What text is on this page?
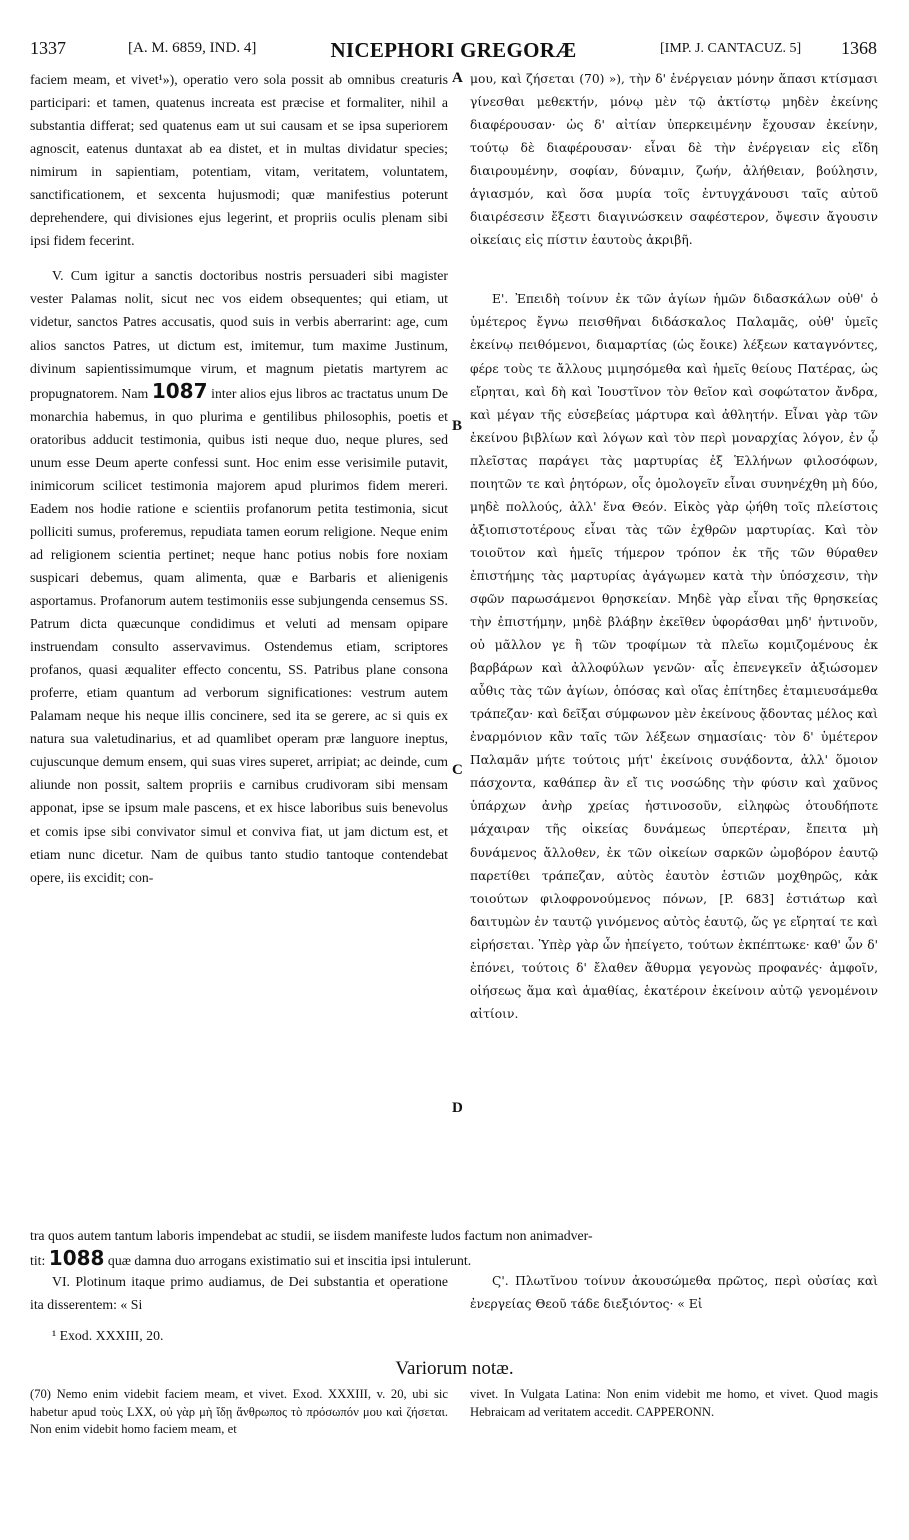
1337	[A. M. 6859, IND. 4]	NICEPHORI GREGORÆ	[IMP. J. CANTACUZ. 5] 1368

faciem meam, et vivet¹»), operatio vero sola possit ab omnibus creaturis participari: et tamen, quatenus increata est præcise et formaliter, nihil a substantia differat; sed quatenus eam ut sui causam et se ipsa superiorem agnoscit, eatenus duntaxat ab ea distet, et in multas dividatur species; nimirum in sapientiam, potentiam, vitam, veritatem, voluntatem, sanctificationem, et sexcenta hujusmodi; quæ manifestius poterunt deprehendere, qui divisiones ejus legerint, et propriis oculis plenam sibi ipsi fidem fecerint.

V. Cum igitur a sanctis doctoribus nostris persuaderi sibi magister vester Palamas nolit, sicut nec vos eidem obsequentes; qui etiam, ut videtur, sanctos Patres accusatis, quod suis in verbis aberrarint: age, cum alios sanctos Patres, ut dictum est, imitemur, tum maxime Justinum, divinum sapientissimumque virum, et magnum pietatis martyrem ac propugnatorem. Nam 1087 inter alios ejus libros ac tractatus unum De monarchia habemus, in quo plurima e gentilibus philosophis, poetis et oratoribus adducit testimonia, quibus isti neque duo, neque plures, sed unum esse Deum aperte confessi sunt. Hoc enim esse verisimile putavit, inimicorum scilicet testimonia majorem apud plurimos fidem mereri. Eadem nos hodie ratione e scientiis profanorum petita testimonia, sicut polliciti sumus, proferemus, repudiata tamen eorum religione. Neque enim ad religionem scientia pertinet; neque hanc potius nobis fore noxiam suspicari debemus, quam alimenta, quæ e Barbaris et alienigenis asportamus. Profanorum autem testimoniis esse subjungenda censemus SS. Patrum dicta quæcunque condidimus et veluti ad mensam opipare instruendam consulto asservavimus. Ostendemus etiam, scriptores profanos, quasi æqualiter effecto concentu, SS. Patribus plane consona proferre, etiam quantum ad verborum significationes: vestrum autem Palamam neque his neque illis concinere, sed ita se gerere, ac si quis ex natura sua valetudinarius, et ad quamlibet operam præ languore ineptus, cujuscunque demum ensem, qui suas vires superet, arripiat; ac deinde, cum aliunde non possit, saltem propriis e carnibus crudivoram sibi mensam apponat, ipse se ipsum male pascens, et ex hisce laboribus suis benevolus et comis ipse sibi convivator simul et conviva fiat, ut jam dictum est, et etiam nunc dicetur. Nam de quibus tanto studio tantoque contendebat opere, iis excidit; con-

μου, καὶ ζήσεται (70) »), τὴν δ' ἐνέργειαν μόνην ἅπασι κτίσμασι γίνεσθαι μεθεκτήν, μόνῳ μὲν τῷ ἀκτίστῳ μηδὲν ἐκείνης διαφέρουσαν· ὡς δ' αἰτίαν ὑπερκειμένην ἔχουσαν ἐκείνην, τούτῳ δὲ διαφέρουσαν· εἶναι δὲ τὴν ἐνέργειαν εἰς εἴδη διαιρουμένην, σοφίαν, δύναμιν, ζωήν, ἀλήθειαν, βούλησιν, ἁγιασμόν, καὶ ὅσα μυρία τοῖς ἐντυγχάνουσι ταῖς αὐτοῦ διαιρέσεσιν ἔξεστι διαγινώσκειν σαφέστερον, ὄψεσιν ἄγουσιν οἰκείαις εἰς πίστιν ἑαυτοὺς ἀκριβῆ.

Ε'. Ἐπειδὴ τοίνυν ἐκ τῶν ἁγίων ἡμῶν διδασκάλων οὐθ' ὁ ὑμέτερος ἔγνω πεισθῆναι διδάσκαλος Παλαμᾶς, οὐθ' ὑμεῖς ἐκείνῳ πειθόμενοι, διαμαρτίας (ὡς ἔοικε) λέξεων καταγνόντες, φέρε τοὺς τε ἄλλους μιμησόμεθα καὶ ἡμεῖς θείους Πατέρας, ὡς εἴρηται, καὶ δὴ καὶ Ἰουστῖνον τὸν θεῖον καὶ σοφώτατον ἄνδρα, καὶ μέγαν τῆς εὐσεβείας μάρτυρα καὶ ἀθλητήν. Εἶναι γὰρ τῶν ἐκείνου βιβλίων καὶ λόγων καὶ τὸν περὶ μοναρχίας λόγον, ἐν ᾧ πλεῖστας παράγει τὰς μαρτυρίας ἐξ Ἑλλήνων φιλοσόφων, ποιητῶν τε καὶ ῥητόρων, οἷς ὁμολογεῖν εἶναι συνηνέχθη μὴ δύο, μηδὲ πολλούς, ἀλλ' ἕνα Θεόν. Εἰκὸς γὰρ ᾠήθη τοῖς πλείστοις ἀξιοπιστοτέρους εἶναι τὰς τῶν ἐχθρῶν μαρτυρίας. Καὶ τὸν τοιοῦτον καὶ ἡμεῖς τήμερον τρόπον ἐκ τῆς τῶν θύραθεν ἐπιστήμης τὰς μαρτυρίας ἀγάγωμεν κατὰ τὴν ὑπόσχεσιν, τὴν σφῶν παρωσάμενοι θρησκείαν. Μηδὲ γὰρ εἶναι τῆς θρησκείας τὴν ἐπιστήμην, μηδὲ βλάβην ἐκεῖθεν ὑφοράσθαι μηδ' ἡντινοῦν, οὐ μᾶλλον γε ἢ τῶν τροφίμων τὰ πλεῖω κομιζομένους ἐκ βαρβάρων καὶ ἀλλοφύλων γενῶν· αἷς ἐπενεγκεῖν ἀξιώσομεν αὖθις τὰς τῶν ἁγίων, ὁπόσας καὶ οἵας ἐπίτηδες ἐταμιευσάμεθα τράπεζαν· καὶ δεῖξαι σύμφωνον μὲν ἐκείνους ᾄδοντας μέλος καὶ ἐναρμόνιον κἂν ταῖς τῶν λέξεων σημασίαις· τὸν δ' ὑμέτερον Παλαμᾶν μήτε τούτοις μήτ' ἐκείνοις συνᾴδοντα, ἀλλ' ὅμοιον πάσχοντα, καθάπερ ἂν εἴ τις νοσώδης τὴν φύσιν καὶ χαῦνος ὑπάρχων ἀνὴρ χρείας ἡστινοσοῦν, εἰληφὼς ὁτουδήποτε μάχαιραν τῆς οἰκείας δυνάμεως ὑπερτέραν, ἔπειτα μὴ δυνάμενος ἄλλοθεν, ἐκ τῶν οἰκείων σαρκῶν ὠμοβόρον ἑαυτῷ παρετίθει τράπεζαν, αὐτὸς ἑαυτὸν ἑστιῶν μοχθηρῶς, κἀκ τοιούτων φιλοφρονούμενος πόνων, [P. 683] ἑστιάτωρ καὶ δαιτυμὼν ἐν ταυτῷ γινόμενος αὐτὸς ἑαυτῷ, ὥς γε εἴρηταί τε καὶ εἰρήσεται. Ὑπὲρ γὰρ ὧν ἠπείγετο, τούτων ἐκπέπτωκε· καθ' ὧν δ' ἐπόνει, τούτοις δ' ἔλαθεν ἄθυρμα γεγονὼς προφανές· ἀμφοῖν, οἰήσεως ἅμα καὶ ἀμαθίας, ἑκατέροιν ἐκείνοιν αὐτῷ γενομένοιν αἰτίοιν.

A
B
C
D
tra quos autem tantum laboris impendebat ac studii, se iisdem manifeste ludos factum non animadver-
tit: 1088 quæ damna duo arrogans existimatio sui et inscitia ipsi intulerunt.

VI. Plotinum itaque primo audiamus, de Dei substantia et operatione ita disserentem: « Si

Ϛ'. Πλωτῖνου τοίνυν ἀκουσώμεθα πρῶτος, περὶ οὐσίας καὶ ἐνεργείας Θεοῦ τάδε διεξιόντος· « Εἰ

¹ Exod. XXXIII, 20.
Variorum notæ.
(70) Nemo enim videbit faciem meam, et vivet. Exod. XXXIII, v. 20, ubi sic habetur apud τοὺς LXX, οὐ γὰρ μὴ ἴδῃ ἄνθρωπος τὸ πρόσωπόν μου καὶ ζήσεται. Non enim videbit homo faciem meam, et
vivet. In Vulgata Latina: Non enim videbit me homo, et vivet. Quod magis Hebraicam ad veritatem accedit. CAPPERONN.
